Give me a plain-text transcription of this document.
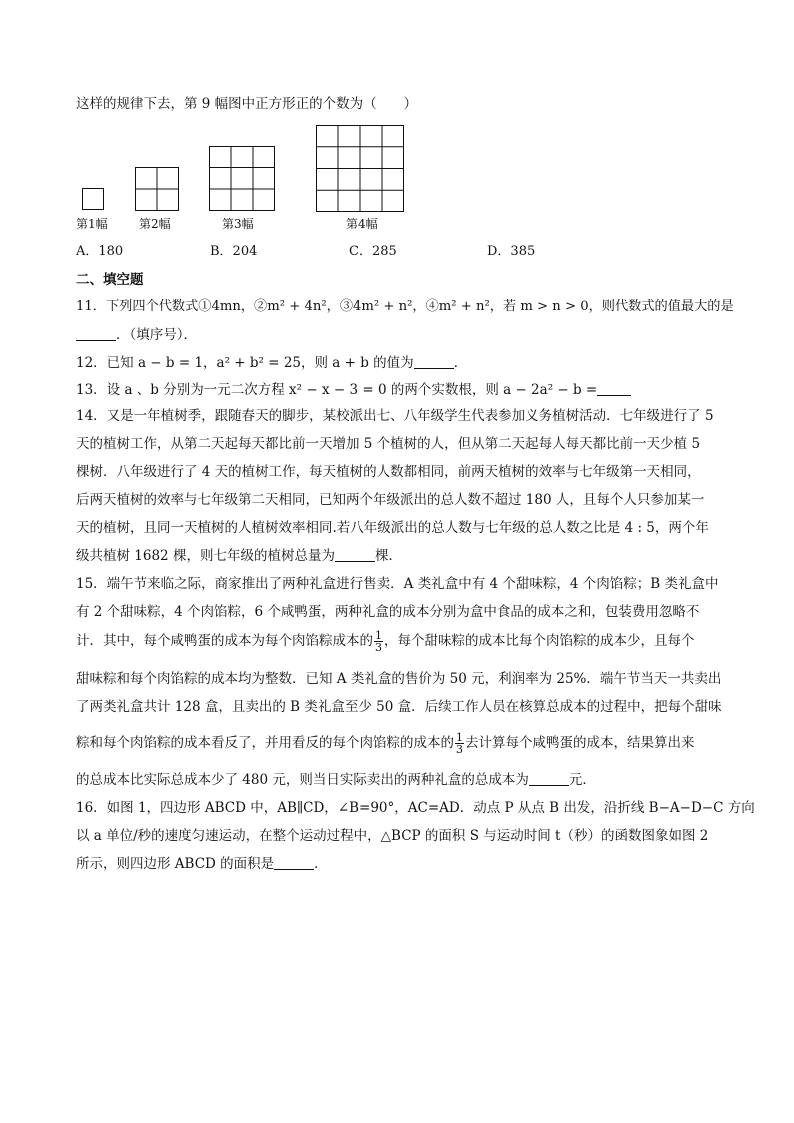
这样的规律下去，第 9 幅图中正方形正的个数为（　　）
第1幅	第2幅	第3幅	第4幅
A．180	B．204	C．285	D．385
二、填空题
11．下列四个代数式①4mn，②m² + 4n²，③4m² + n²，④m² + n²，若 m > n > 0，则代数式的值最大的是
．（填序号）．
12．已知 a − b = 1，a² + b² = 25，则 a + b 的值为	．
13．设 a 、b 分别为一元二次方程 x² − x − 3 = 0 的两个实数根，则 a − 2a² − b =
14．又是一年植树季，跟随春天的脚步，某校派出七、八年级学生代表参加义务植树活动．七年级进行了 5
天的植树工作，从第二天起每天都比前一天增加 5 个植树的人，但从第二天起每人每天都比前一天少植 5
棵树．八年级进行了 4 天的植树工作，每天植树的人数都相同，前两天植树的效率与七年级第一天相同，
后两天植树的效率与七年级第二天相同，已知两个年级派出的总人数不超过 180 人，且每个人只参加某一
天的植树，且同一天植树的人植树效率相同.若八年级派出的总人数与七年级的总人数之比是 4 : 5，两个年
级共植树 1682 棵，则七年级的植树总量为	棵．
15．端午节来临之际，商家推出了两种礼盒进行售卖．A 类礼盒中有 4 个甜味粽，4 个肉馅粽；B 类礼盒中
有 2 个甜味粽，4 个肉馅粽，6 个咸鸭蛋，两种礼盒的成本分别为盒中食品的成本之和，包装费用忽略不
计．其中，每个咸鸭蛋的成本为每个肉馅粽成本的 $\frac{1}{3}$ ，每个甜味粽的成本比每个肉馅粽的成本少，且每个
甜味粽和每个肉馅粽的成本均为整数．已知 A 类礼盒的售价为 50 元，利润率为 25%．端午节当天一共卖出
了两类礼盒共计 128 盒，且卖出的 B 类礼盒至少 50 盒．后续工作人员在核算总成本的过程中，把每个甜味
粽和每个肉馅粽的成本看反了，并用看反的每个肉馅粽的成本的 $\frac{1}{3}$ 去计算每个咸鸭蛋的成本，结果算出来
的总成本比实际总成本少了 480 元，则当日实际卖出的两种礼盒的总成本为	元．
16．如图 1，四边形 ABCD 中，AB∥CD，∠B=90°，AC=AD．动点 P 从点 B 出发，沿折线 B−A−D−C 方向
以 a 单位/秒的速度匀速运动，在整个运动过程中，△BCP 的面积 S 与运动时间 t（秒）的函数图象如图 2
所示，则四边形 ABCD 的面积是	．
